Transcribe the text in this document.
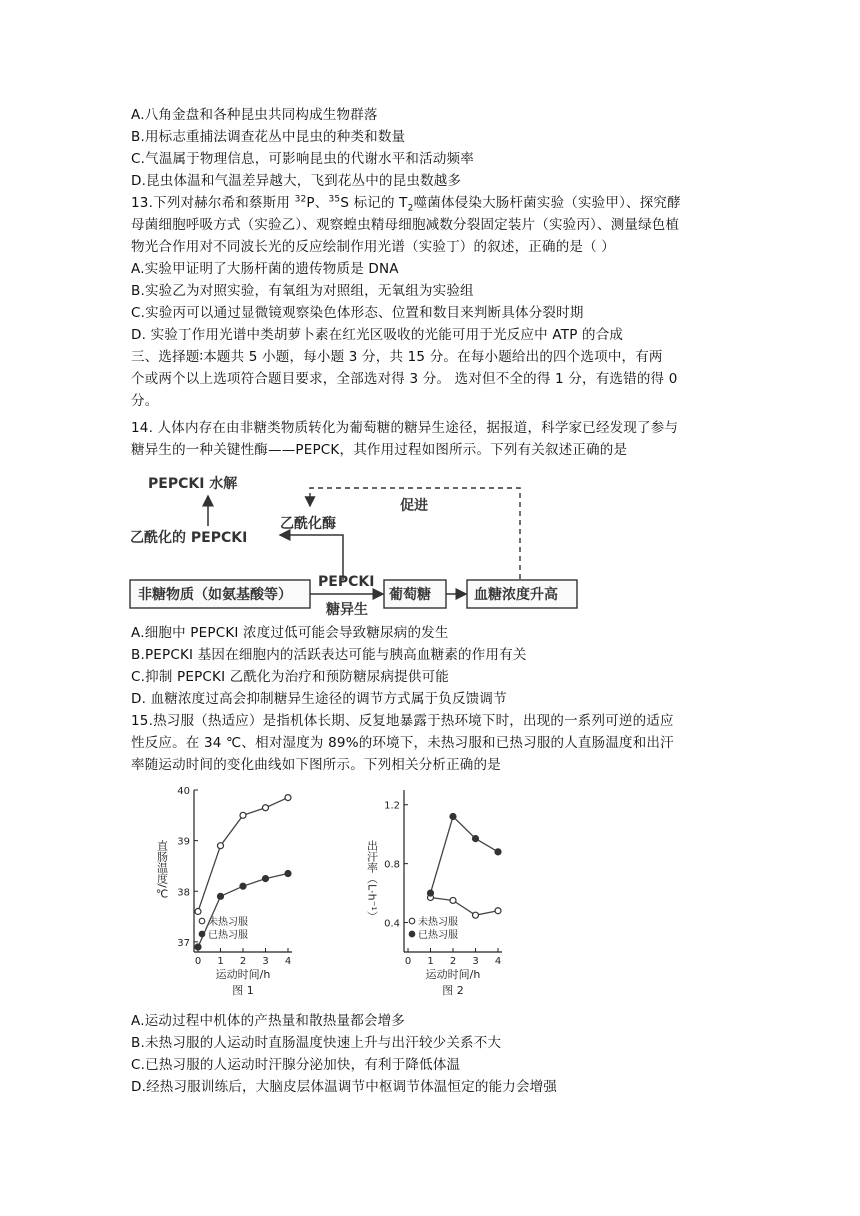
A.八角金盘和各种昆虫共同构成生物群落
B.用标志重捕法调查花丛中昆虫的种类和数量
C.气温属于物理信息，可影响昆虫的代谢水平和活动频率
D.昆虫体温和气温差异越大，飞到花丛中的昆虫数越多
13.下列对赫尔希和蔡斯用 $^{32}$P、$^{35}$S 标记的 $T_2$噬菌体侵染大肠杆菌实验（实验甲）、探究酵
母菌细胞呼吸方式（实验乙）、观察蝗虫精母细胞减数分裂固定装片（实验丙）、测量绿色植
物光合作用对不同波长光的反应绘制作用光谱（实验丁）的叙述，正确的是（ ）
A.实验甲证明了大肠杆菌的遗传物质是 DNA
B.实验乙为对照实验，有氧组为对照组，无氧组为实验组
C.实验丙可以通过显微镜观察染色体形态、位置和数目来判断具体分裂时期
D. 实验丁作用光谱中类胡萝卜素在红光区吸收的光能可用于光反应中 ATP 的合成
三、选择题∶本题共 5 小题，每小题 3 分，共 15 分。在每小题给出的四个选项中，有两
个或两个以上选项符合题目要求，全部选对得 3 分。 选对但不全的得 1 分，有选错的得 0
分。
14. 人体内存在由非糖类物质转化为葡萄糖的糖异生途径，据报道，科学家已经发现了参与
糖异生的一种关键性酶——PEPCK，其作用过程如图所示。下列有关叙述正确的是
PEPCKI 水解
乙酰化的 PEPCKI
乙酰化酶
促进
非糖物质（如氨基酸等）
PEPCKI
糖异生
葡萄糖	血糖浓度升高
A.细胞中 PEPCKI 浓度过低可能会导致糖尿病的发生
B.PEPCKI 基因在细胞内的活跃表达可能与胰高血糖素的作用有关
C.抑制 PEPCKI 乙酰化为治疗和预防糖尿病提供可能
D. 血糖浓度过高会抑制糖异生途径的调节方式属于负反馈调节
15.热习服（热适应）是指机体长期、反复地暴露于热环境下时，出现的一系列可逆的适应
性反应。在 34 ℃、相对湿度为 89%的环境下，未热习服和已热习服的人直肠温度和出汗
率随运动时间的变化曲线如下图所示。下列相关分析正确的是
0 1 2 3 4
37
38
39
40
直肠温度/℃
运动时间/h
图 1
未热习服
已热习服
0 1 2 3 4
0.4
0.8
1.2
出汗率（L·h⁻¹）
运动时间/h
图 2
未热习服
已热习服
A.运动过程中机体的产热量和散热量都会增多
B.未热习服的人运动时直肠温度快速上升与出汗较少关系不大
C.已热习服的人运动时汗腺分泌加快，有利于降低体温
D.经热习服训练后，大脑皮层体温调节中枢调节体温恒定的能力会增强
